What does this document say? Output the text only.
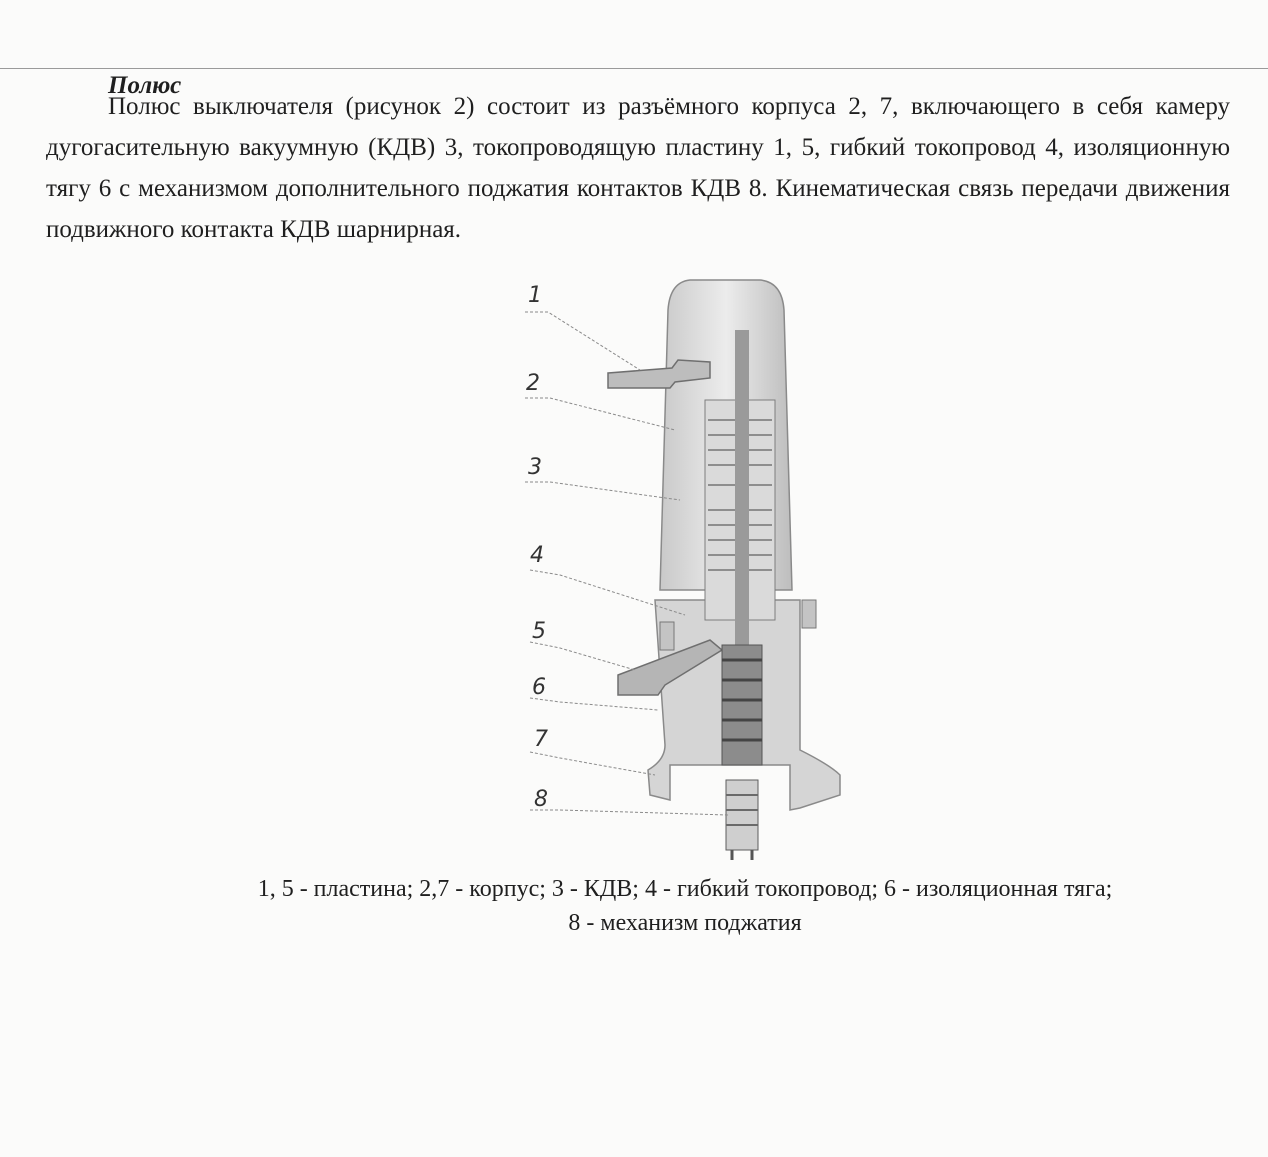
Полюс

Полюс выключателя (рисунок 2) состоит из разъёмного корпуса 2, 7, включающего в себя камеру дугогасительную вакуумную (КДВ) 3, токопроводящую пластину 1, 5, гибкий токопровод 4, изоляционную тягу 6 с механизмом дополнительного поджатия контактов КДВ 8. Кинематическая связь передачи движения подвижного контакта КДВ шарнирная.

1
2
3
4
5
6
7
8
1, 5 - пластина; 2,7 - корпус; 3 - КДВ; 4 - гибкий токопровод; 6 - изоляционная тяга;
8 - механизм поджатия
